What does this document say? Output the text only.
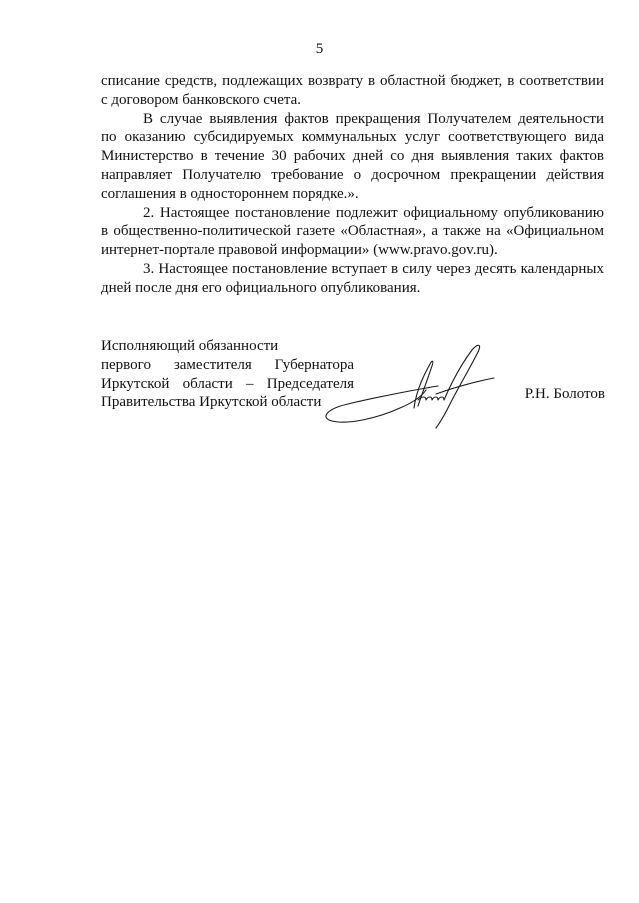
5

списание средств, подлежащих возврату в областной бюджет, в соответствии с договором банковского счета.

В случае выявления фактов прекращения Получателем деятельности по оказанию субсидируемых коммунальных услуг соответствующего вида Министерство в течение 30 рабочих дней со дня выявления таких фактов направляет Получателю требование о досрочном прекращении действия соглашения в одностороннем порядке.».

2. Настоящее постановление подлежит официальному опубликованию в общественно-политической газете «Областная», а также на «Официальном интернет-портале правовой информации» (www.pravo.gov.ru).

3. Настоящее постановление вступает в силу через десять календарных дней после дня его официального опубликования.

Исполняющий обязанности
первого заместителя Губернатора
Иркутской области – Председателя
Правительства Иркутской области
Р.Н. Болотов
